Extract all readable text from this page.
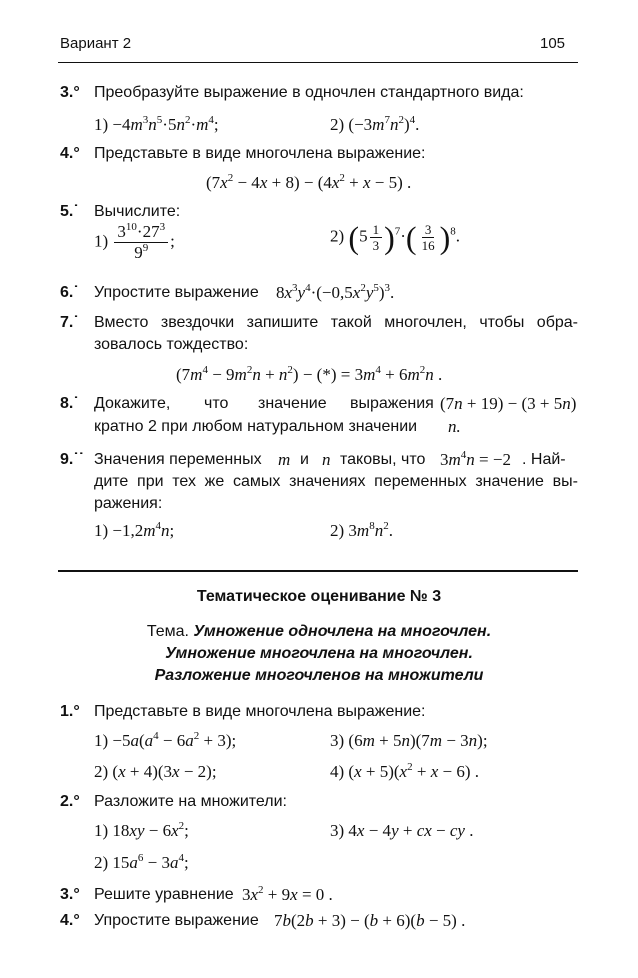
Вариант 2	105
3.° Преобразуйте выражение в одночлен стандартного вида:
$1) -4m^3n^5\cdot 5n^2\cdot m^4$;	2) $(-3m^7n^2)^4$.
4.° Представьте в виде многочлена выражение:
$(7x^2 - 4x + 8) - (4x^2 + x - 5)$ .
5.˙ Вычислите:
$1) \frac{3^{10}\cdot 27^3}{9^9}$ ;	2) $(5 \frac{1}{3} )^7\cdot( \frac{3}{16} )^8$.
6.˙ Упростите выражение $8x^3y^4\cdot(-0,5x^2y^5)^3$.
7.˙ Вместо звездочки запишите такой многочлен, чтобы обра-
зовалось тождество:
$(7m^4 - 9m^2n + n^2)$ − (*) = $3m^4 + 6m^2n$ .
8.˙ Докажите, что значение выражения (7n + 19) − (3 + 5n)
кратно 2 при любом натуральном значении n.
9.˙˙ Значения переменных m и n таковы, что $3m^4n = -2$ . Най-
дите при тех же самых значениях переменных значение вы-
ражения:
$1) -1,2m^4n$;	2) $3m^8n^2$.
Тематическое оценивание № 3
Тема. Умножение одночлена на многочлен.
Умножение многочлена на многочлен.
Разложение многочленов на множители
1.° Представьте в виде многочлена выражение:
$1) -5a(a^4 - 6a^2 + 3)$;	3) (6m + 5n)(7m − 3n);
2) (x + 4)(3x − 2);	4) $(x + 5)(x^2 + x - 6)$ .
2.° Разложите на множители:
1) $18xy - 6x^2$;	3) 4x − 4y + cx − cy .
2) $15a^6 - 3a^4$;
3.° Решите уравнение $3x^2 + 9x = 0$ .
4.° Упростите выражение 7b(2b + 3) − (b + 6)(b − 5) .
